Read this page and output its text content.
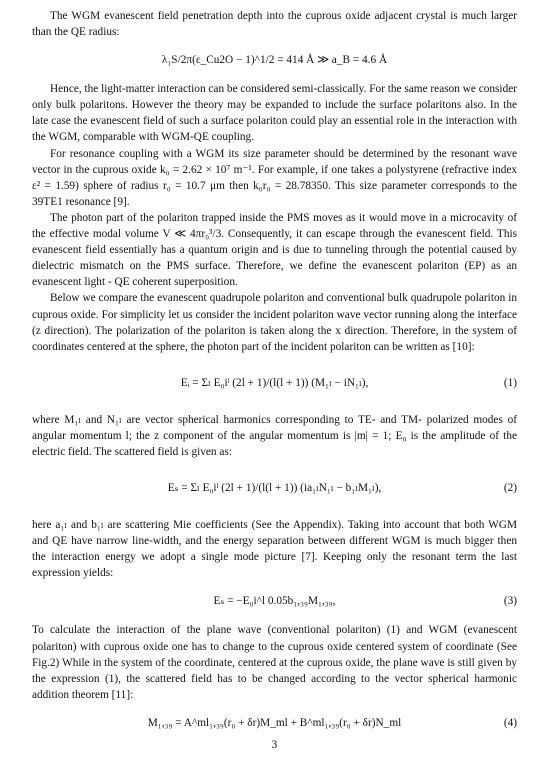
The WGM evanescent field penetration depth into the cuprous oxide adjacent crystal is much larger than the QE radius:

λ₁S/2π(ε_Cu2O − 1)^1/2 = 414 Å ≫ a_B = 4.6 Å

Hence, the light-matter interaction can be considered semi-classically. For the same reason we consider only bulk polaritons. However the theory may be expanded to include the surface polaritons also. In the late case the evanescent field of such a surface polariton could play an essential role in the interaction with the WGM, comparable with WGM-QE coupling.

For resonance coupling with a WGM its size parameter should be determined by the resonant wave vector in the cuprous oxide k₀ = 2.62 × 10⁷ m⁻¹. For example, if one takes a polystyrene (refractive index ε² = 1.59) sphere of radius r₀ = 10.7 μm then k₀r₀ = 28.78350. This size parameter corresponds to the 39TE1 resonance [9].

The photon part of the polariton trapped inside the PMS moves as it would move in a microcavity of the effective modal volume V ≪ 4πr₀³/3. Consequently, it can escape through the evanescent field. This evanescent field essentially has a quantum origin and is due to tunneling through the potential caused by dielectric mismatch on the PMS surface. Therefore, we define the evanescent polariton (EP) as an evanescent light - QE coherent superposition.

Below we compare the evanescent quadrupole polariton and conventional bulk quadrupole polariton in cuprous oxide. For simplicity let us consider the incident polariton wave vector running along the interface (z direction). The polarization of the polariton is taken along the x direction. Therefore, in the system of coordinates centered at the sphere, the photon part of the incident polariton can be written as [10]:

Eᵢ = Σₗ E₀iˡ (2l + 1)/(l(l + 1)) (M₁ₗ − iN₁ₗ),	(1)

where M₁ₗ and N₁ₗ are vector spherical harmonics corresponding to TE- and TM- polarized modes of angular momentum l; the z component of the angular momentum is |m| = 1; E₀ is the amplitude of the electric field. The scattered field is given as:

Eₛ = Σₗ E₀iˡ (2l + 1)/(l(l + 1)) (ia₁ₗN₁ₗ − b₁ₗM₁ₗ),	(2)

here a₁ₗ and b₁ₗ are scattering Mie coefficients (See the Appendix). Taking into account that both WGM and QE have narrow line-width, and the energy separation between different WGM is much bigger then the interaction energy we adopt a single mode picture [7]. Keeping only the resonant term the last expression yields:

Eₛ = −E₀i^l 0.05b₁,₃₉M₁,₃₉,	(3)

To calculate the interaction of the plane wave (conventional polariton) (1) and WGM (evanescent polariton) with cuprous oxide one has to change to the cuprous oxide centered system of coordinate (See Fig.2) While in the system of the coordinate, centered at the cuprous oxide, the plane wave is still given by the expression (1), the scattered field has to be changed according to the vector spherical harmonic addition theorem [11]:

M₁,₃₉ = A^ml₁,₃₉(r₀ + δr)M_ml + B^ml₁,₃₉(r₀ + δr)N_ml	(4)
3
